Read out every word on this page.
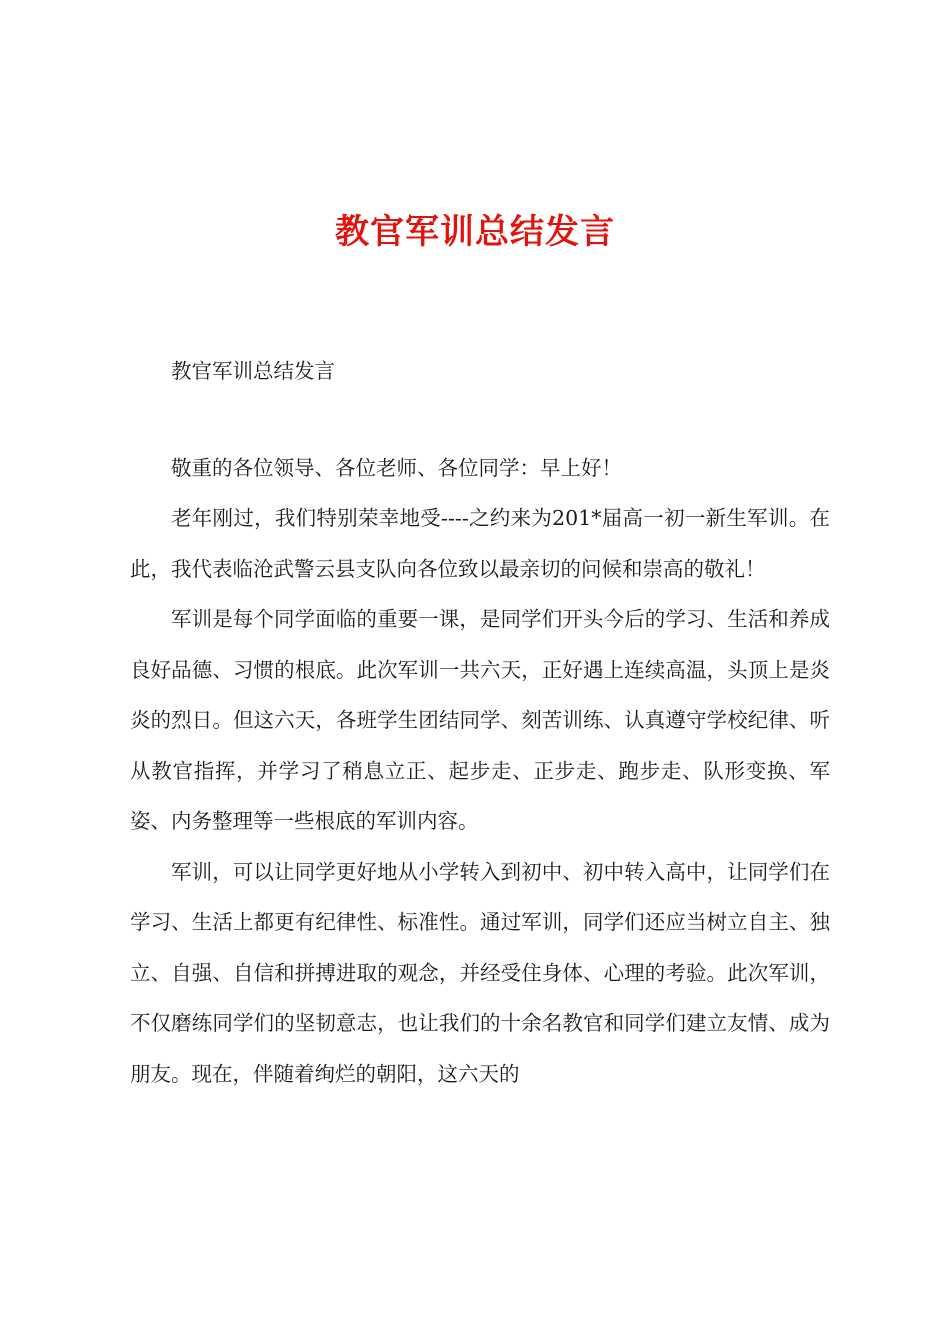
教官军训总结发言

教官军训总结发言

敬重的各位领导、各位老师、各位同学：早上好！

老年刚过，我们特别荣幸地受----之约来为201*届高一初一新生军训。在此，我代表临沧武警云县支队向各位致以最亲切的问候和崇高的敬礼！

军训是每个同学面临的重要一课，是同学们开头今后的学习、生活和养成良好品德、习惯的根底。此次军训一共六天，正好遇上连续高温，头顶上是炎炎的烈日。但这六天，各班学生团结同学、刻苦训练、认真遵守学校纪律、听从教官指挥，并学习了稍息立正、起步走、正步走、跑步走、队形变换、军姿、内务整理等一些根底的军训内容。

军训，可以让同学更好地从小学转入到初中、初中转入高中，让同学们在学习、生活上都更有纪律性、标准性。通过军训，同学们还应当树立自主、独立、自强、自信和拼搏进取的观念，并经受住身体、心理的考验。此次军训，不仅磨练同学们的坚韧意志，也让我们的十余名教官和同学们建立友情、成为朋友。现在，伴随着绚烂的朝阳，这六天的
